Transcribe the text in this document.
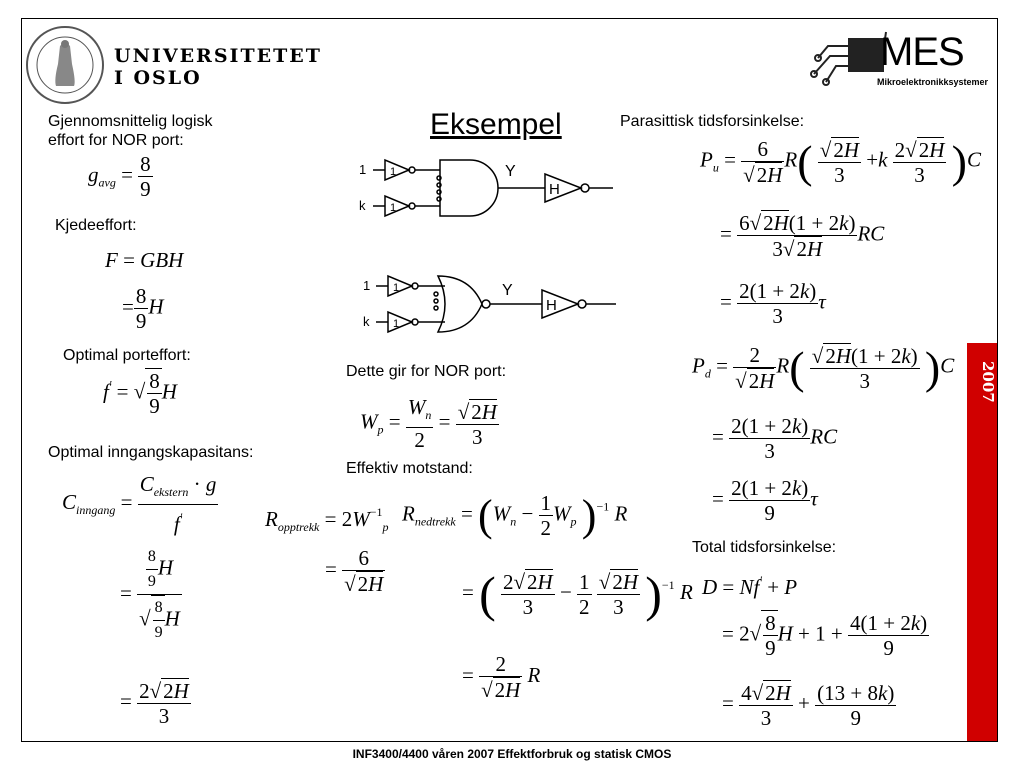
UNIVERSITETET
I OSLO
MES
Mikroelektronikksystemer
Eksempel
Gjennomsnittelig logisk
effort for NOR port:
$g_{avg} = \frac{8}{9}$
Kjedeeffort:
F = GBH
= $\frac{8}{9}$ H
Optimal porteffort:
f' = √ $\frac{8}{9}$ H
Optimal inngangskapasitans:
$C_{inngang} = \frac{C_{ekstern} \cdot g}{f'}$
= $\frac{\frac{8}{9} H}{√ \frac{8}{9} H}$
= $\frac{2√2H}{3}$
1 1
k 1
Y
H
1 1
k 1
Y
H
Dette gir for NOR port:
$W_p = \frac{W_n}{2} = \frac{√2H}{3}$
Effektiv motstand:
$R_{opptrekk} = 2W^{-1}_p$
= $\frac{6}{√2H}$
$R_{nedtrekk} = (W_n - \frac{1}{2} W_p$ )$^{-1}$ R
= ( $\frac{2√2H}{3} - \frac{1}{2}$
$\frac{√2H}{3} )^{-1}$ R
= $\frac{2}{√2H}$ R
Parasittisk tidsforsinkelse:
$P_u = \frac{6}{√2H} R( \frac{√2H}{3} +k \frac{2√2H}{3} )C$
= $\frac{6√2H(1 + 2k)}{3√2H}$ RC
= $\frac{2(1 + 2k)}{3}$ τ
$P_d = \frac{2}{√2H} R( \frac{√2H(1 + 2k)}{3} )C$
= $\frac{2(1 + 2k)}{3}$ RC
= $\frac{2(1 + 2k)}{9}$ τ
Total tidsforsinkelse:
D = Nf' + P
= $2√ \frac{8}{9}$ $H + 1 + \frac{4(1 + 2k)}{9}$
= $\frac{4√2H}{3} + \frac{(13 + 8k)}{9}$
2007
INF3400/4400 våren 2007 Effektforbruk og statisk CMOS
